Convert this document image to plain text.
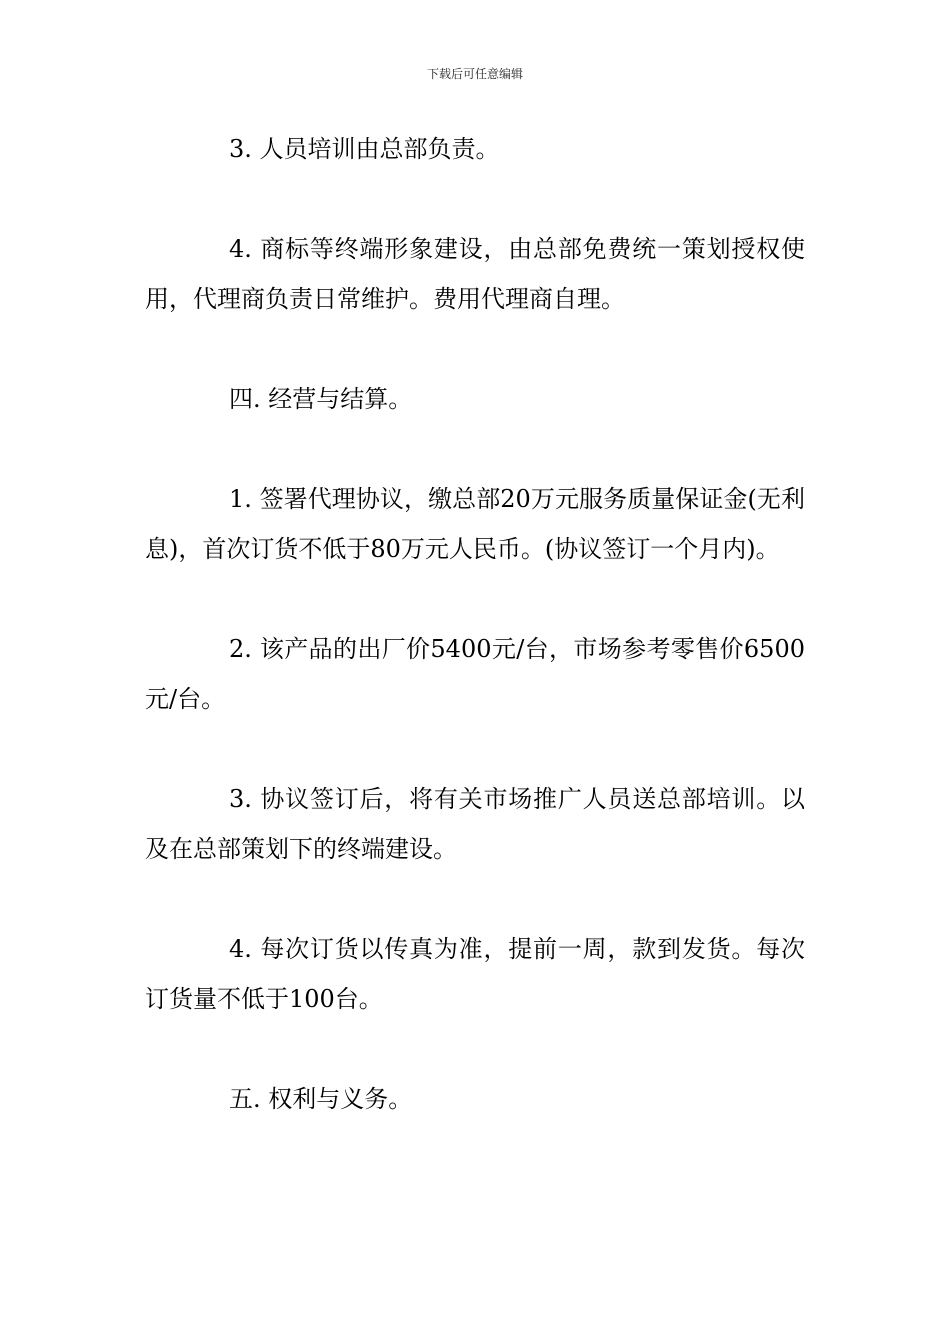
下载后可任意编辑

3. 人员培训由总部负责。

4. 商标等终端形象建设，由总部免费统一策划授权使用，代理商负责日常维护。费用代理商自理。

四. 经营与结算。

1. 签署代理协议，缴总部20万元服务质量保证金(无利息)，首次订货不低于80万元人民币。(协议签订一个月内)。

2. 该产品的出厂价5400元/台，市场参考零售价6500元/台。

3. 协议签订后，将有关市场推广人员送总部培训。以及在总部策划下的终端建设。

4. 每次订货以传真为准，提前一周，款到发货。每次订货量不低于100台。

五. 权利与义务。
